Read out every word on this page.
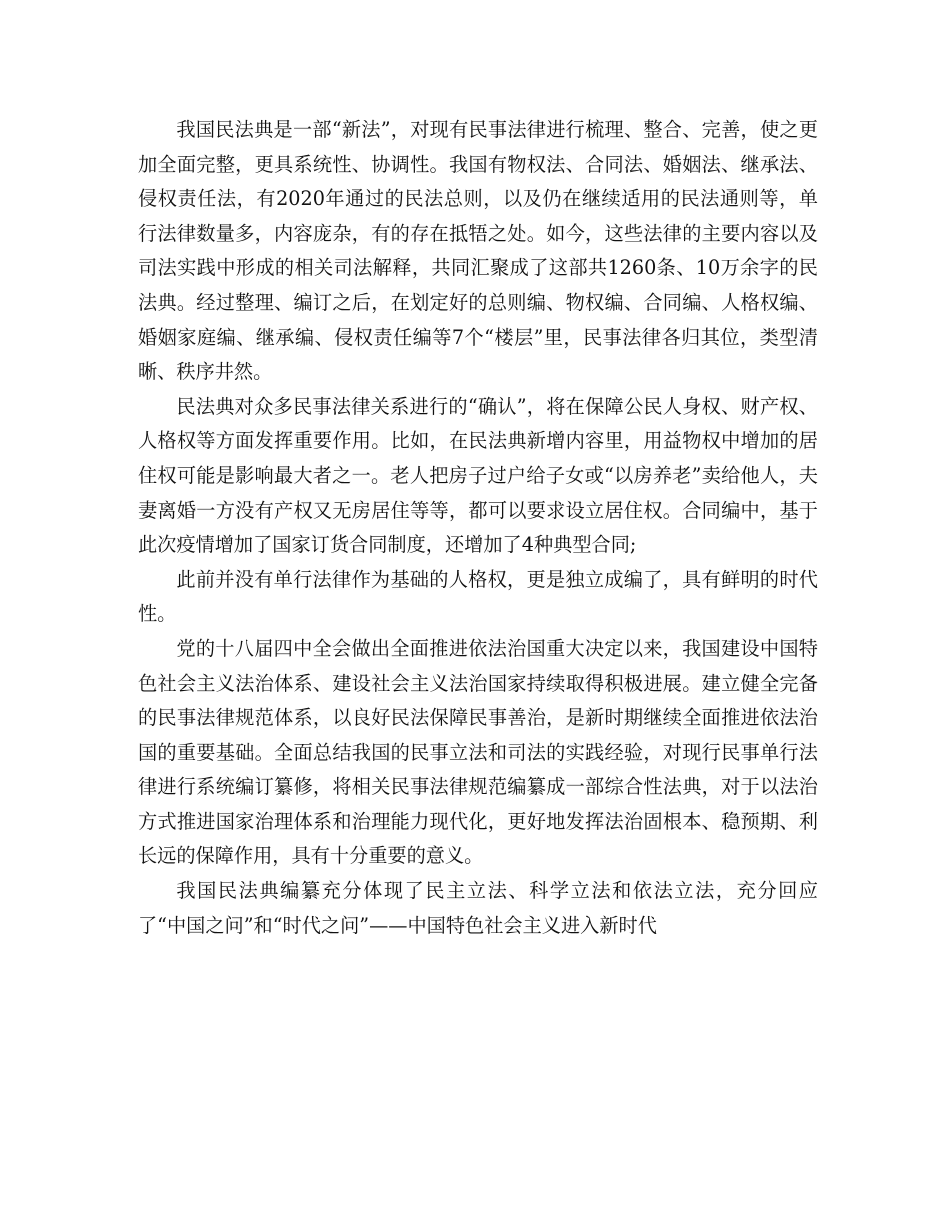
我国民法典是一部“新法”，对现有民事法律进行梳理、整合、完善，使之更加全面完整，更具系统性、协调性。我国有物权法、合同法、婚姻法、继承法、侵权责任法，有2020年通过的民法总则，以及仍在继续适用的民法通则等，单行法律数量多，内容庞杂，有的存在抵牾之处。如今，这些法律的主要内容以及司法实践中形成的相关司法解释，共同汇聚成了这部共1260条、10万余字的民法典。经过整理、编订之后，在划定好的总则编、物权编、合同编、人格权编、婚姻家庭编、继承编、侵权责任编等7个“楼层”里，民事法律各归其位，类型清晰、秩序井然。

民法典对众多民事法律关系进行的“确认”，将在保障公民人身权、财产权、人格权等方面发挥重要作用。比如，在民法典新增内容里，用益物权中增加的居住权可能是影响最大者之一。老人把房子过户给子女或“以房养老”卖给他人，夫妻离婚一方没有产权又无房居住等等，都可以要求设立居住权。合同编中，基于此次疫情增加了国家订货合同制度，还增加了4种典型合同;

此前并没有单行法律作为基础的人格权，更是独立成编了，具有鲜明的时代性。

党的十八届四中全会做出全面推进依法治国重大决定以来，我国建设中国特色社会主义法治体系、建设社会主义法治国家持续取得积极进展。建立健全完备的民事法律规范体系，以良好民法保障民事善治，是新时期继续全面推进依法治国的重要基础。全面总结我国的民事立法和司法的实践经验，对现行民事单行法律进行系统编订纂修，将相关民事法律规范编纂成一部综合性法典，对于以法治方式推进国家治理体系和治理能力现代化，更好地发挥法治固根本、稳预期、利长远的保障作用，具有十分重要的意义。

我国民法典编纂充分体现了民主立法、科学立法和依法立法，充分回应了“中国之问”和“时代之问”——中国特色社会主义进入新时代
